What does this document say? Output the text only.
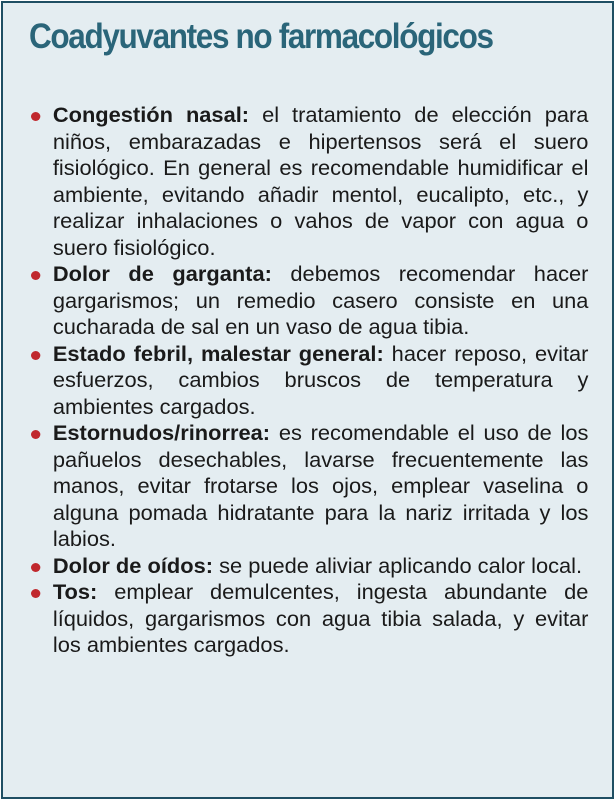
Coadyuvantes no farmacológicos
Congestión nasal: el tratamiento de elección para niños, embarazadas e hipertensos será el suero fisiológico. En general es recomendable humidificar el ambiente, evitando añadir mentol, eucalipto, etc., y realizar inhalaciones o vahos de vapor con agua o suero fisiológico.
Dolor de garganta: debemos recomendar hacer gargarismos; un remedio casero consiste en una cucharada de sal en un vaso de agua tibia.
Estado febril, malestar general: hacer reposo, evitar esfuerzos, cambios bruscos de temperatura y ambientes cargados.
Estornudos/rinorrea: es recomendable el uso de los pañuelos desechables, lavarse frecuentemente las manos, evitar frotarse los ojos, emplear vaselina o alguna pomada hidratante para la nariz irritada y los labios.
Dolor de oídos: se puede aliviar aplicando calor local.
Tos: emplear demulcentes, ingesta abundante de líquidos, gargarismos con agua tibia salada, y evitar los ambientes cargados.
